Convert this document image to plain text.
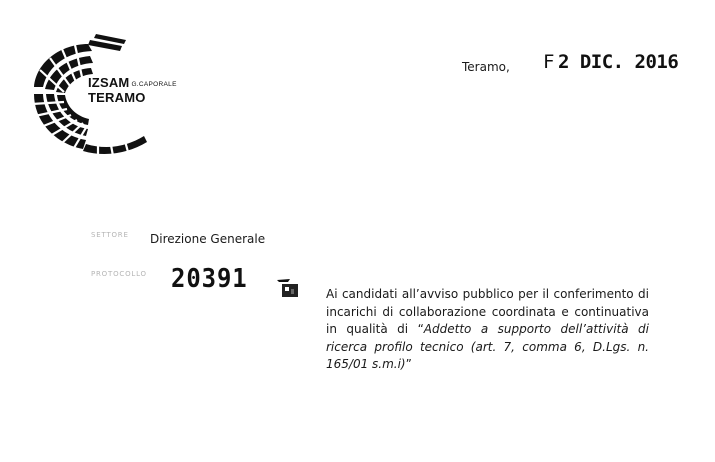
IZSAM G.CAPORALE
TERAMO
Teramo, F 2 DIC. 2016
SETTORE Direzione Generale
PROTOCOLLO 20391	Ai candidati all’avviso pubblico per il conferimento di incarichi di collaborazione coordinata e continuativa in qualità di “Addetto a supporto dell’attività di ricerca profilo tecnico (art. 7, comma 6, D.Lgs. n. 165/01 s.m.i)”
